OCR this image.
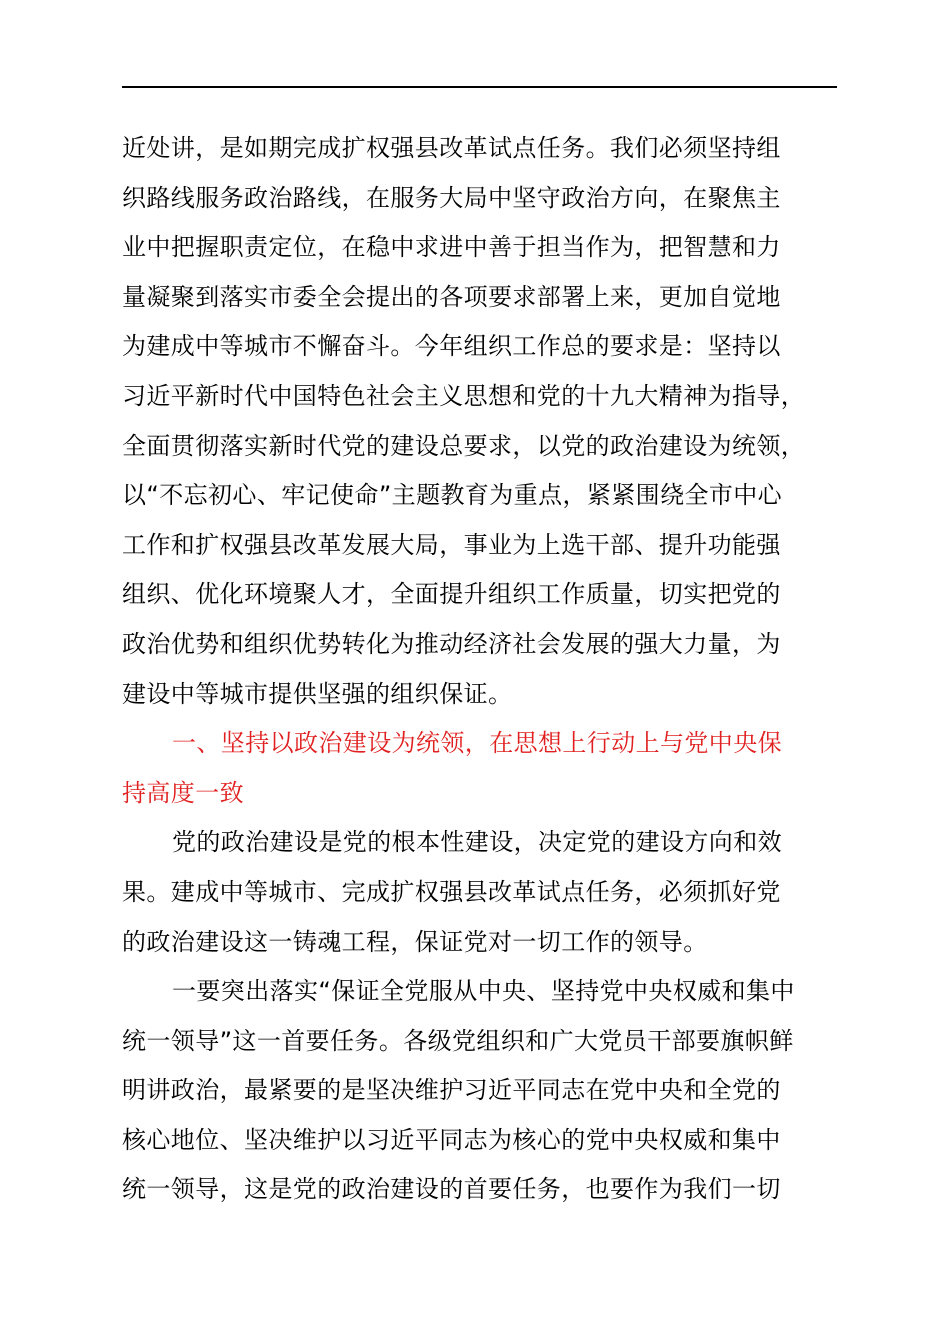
近处讲，是如期完成扩权强县改革试点任务。我们必须坚持组
织路线服务政治路线，在服务大局中坚守政治方向，在聚焦主
业中把握职责定位，在稳中求进中善于担当作为，把智慧和力
量凝聚到落实市委全会提出的各项要求部署上来，更加自觉地
为建成中等城市不懈奋斗。今年组织工作总的要求是：坚持以
习近平新时代中国特色社会主义思想和党的十九大精神为指导，
全面贯彻落实新时代党的建设总要求，以党的政治建设为统领，
以“不忘初心、牢记使命”主题教育为重点，紧紧围绕全市中心
工作和扩权强县改革发展大局，事业为上选干部、提升功能强
组织、优化环境聚人才，全面提升组织工作质量，切实把党的
政治优势和组织优势转化为推动经济社会发展的强大力量，为
建设中等城市提供坚强的组织保证。
一、坚持以政治建设为统领，在思想上行动上与党中央保
持高度一致
党的政治建设是党的根本性建设，决定党的建设方向和效
果。建成中等城市、完成扩权强县改革试点任务，必须抓好党
的政治建设这一铸魂工程，保证党对一切工作的领导。
一要突出落实“保证全党服从中央、坚持党中央权威和集中
统一领导”这一首要任务。各级党组织和广大党员干部要旗帜鲜
明讲政治，最紧要的是坚决维护习近平同志在党中央和全党的
核心地位、坚决维护以习近平同志为核心的党中央权威和集中
统一领导，这是党的政治建设的首要任务，也要作为我们一切
